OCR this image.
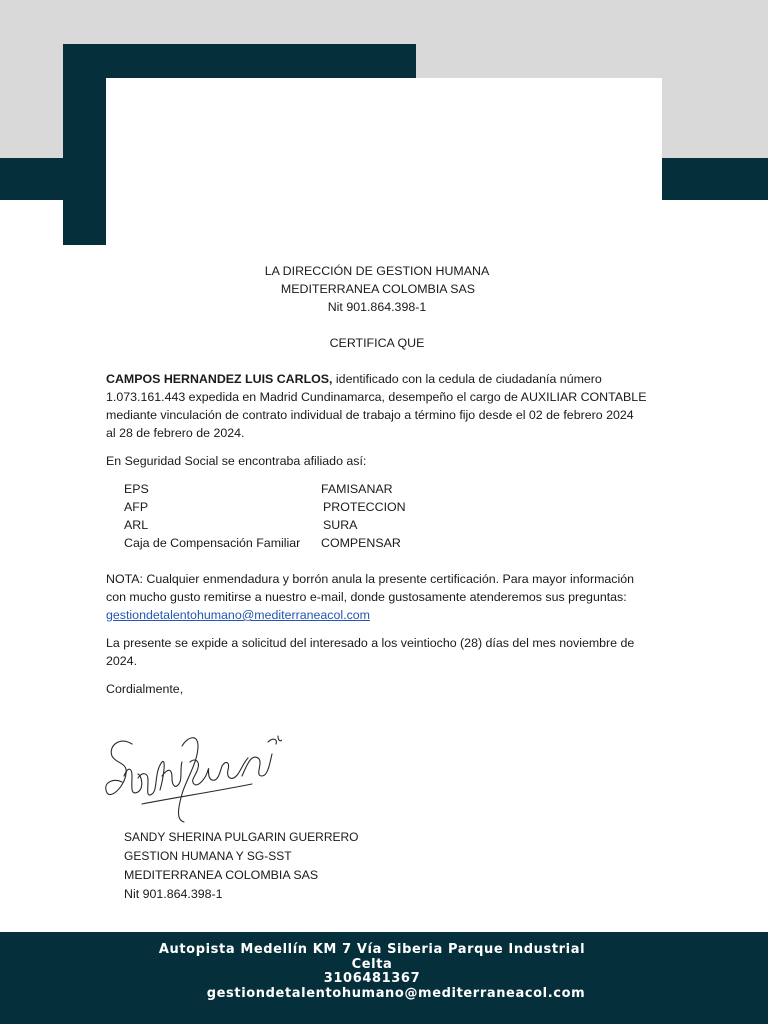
LA DIRECCIÓN DE GESTION HUMANA
MEDITERRANEA COLOMBIA SAS
Nit 901.864.398-1
CERTIFICA QUE

CAMPOS HERNANDEZ LUIS CARLOS, identificado con la cedula de ciudadanía número
1.073.161.443 expedida en Madrid Cundinamarca, desempeño el cargo de AUXILIAR CONTABLE
mediante vinculación de contrato individual de trabajo a término fijo desde el 02 de febrero 2024
al 28 de febrero de 2024.

En Seguridad Social se encontraba afiliado así:

EPS	FAMISANAR
AFP	PROTECCION
ARL	SURA
Caja de Compensación Familiar	COMPENSAR

NOTA: Cualquier enmendadura y borrón anula la presente certificación. Para mayor información
con mucho gusto remitirse a nuestro e-mail, donde gustosamente atenderemos sus preguntas:
gestiondetalentohumano@mediterraneacol.com

La presente se expide a solicitud del interesado a los veintiocho (28) días del mes noviembre de
2024.

Cordialmente,

SANDY SHERINA PULGARIN GUERRERO
GESTION HUMANA Y SG-SST
MEDITERRANEA COLOMBIA SAS
Nit 901.864.398-1
Autopista Medellín KM 7 Vía Siberia Parque Industrial
Celta
3106481367
gestiondetalentohumano@mediterraneacol.com
